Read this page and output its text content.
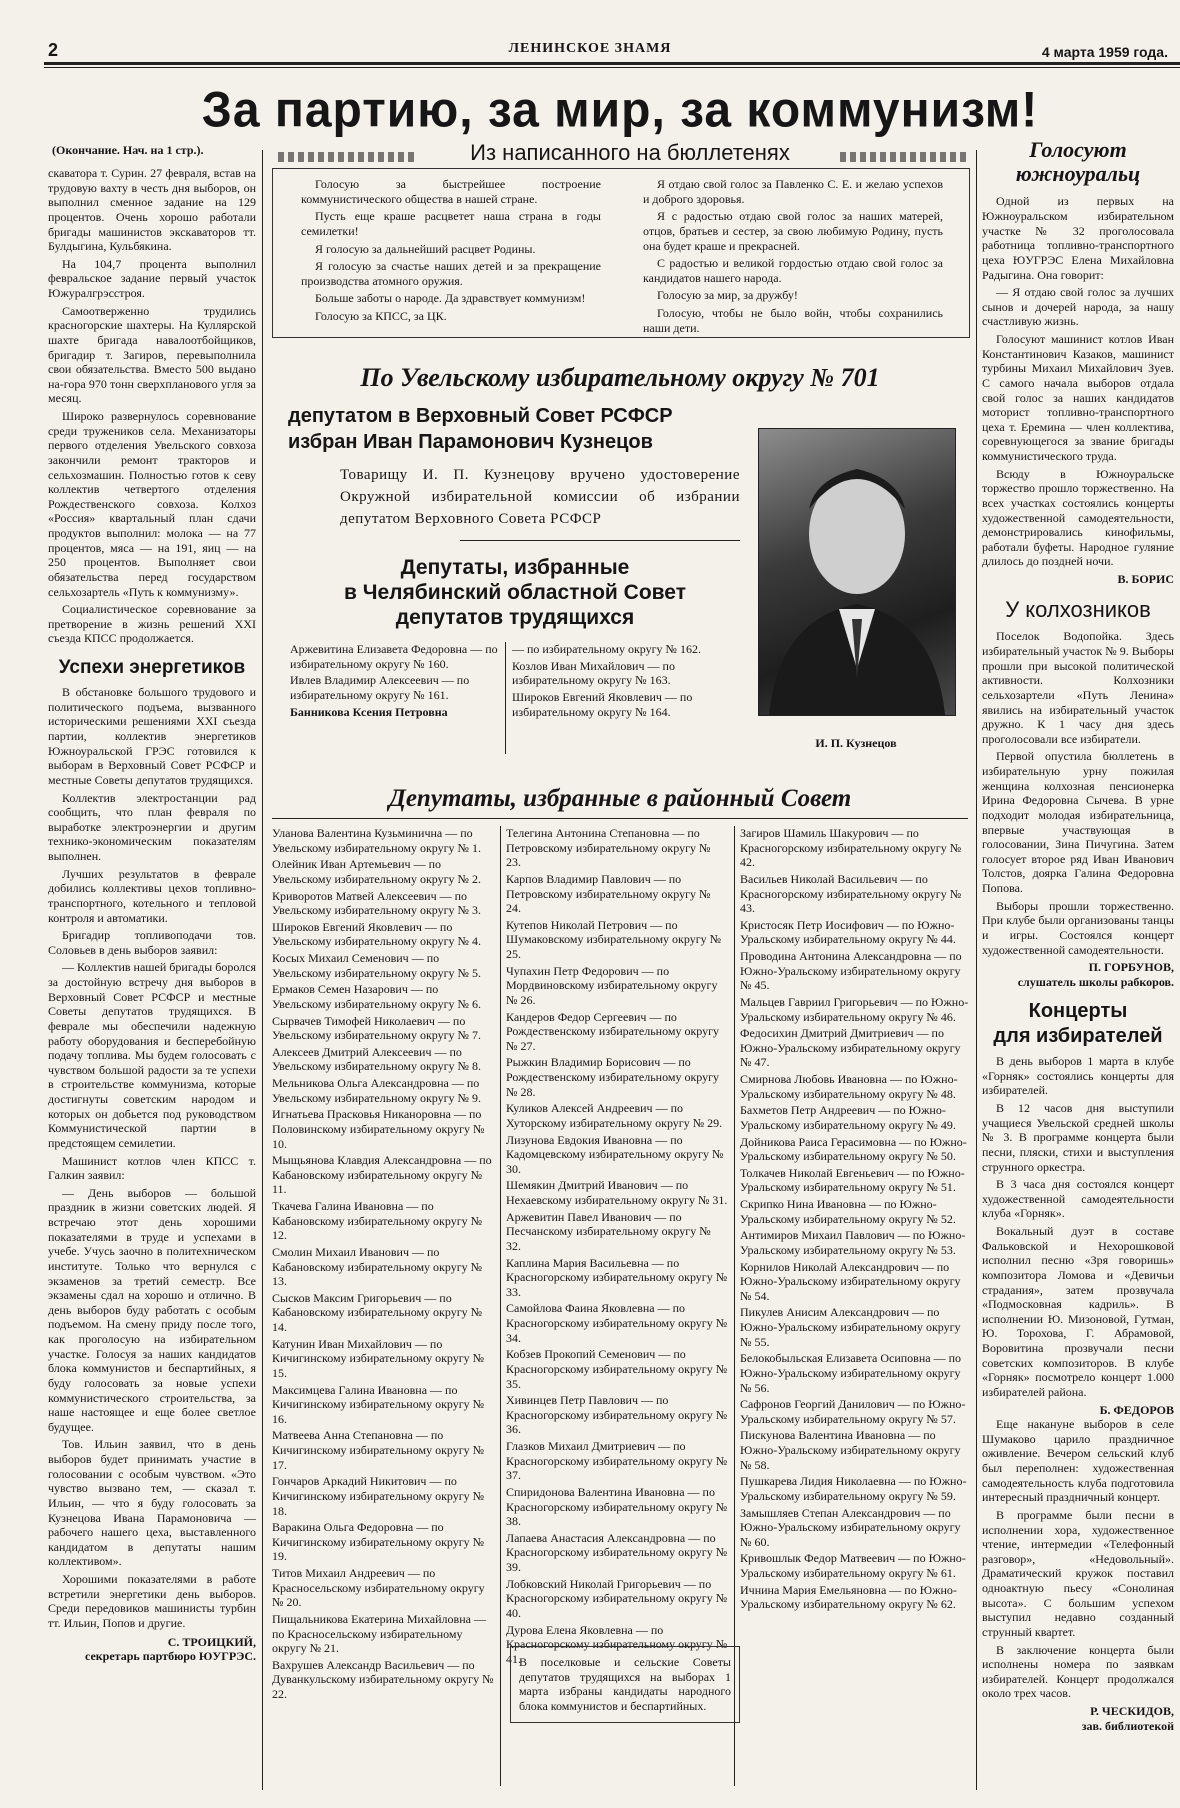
2	ЛЕНИНСКОЕ ЗНАМЯ	4 марта 1959 года.
За партию, за мир, за коммунизм!
(Окончание. Нач. на 1 стр.).

скаватора т. Сурин. 27 февраля, встав на трудовую вахту в честь дня выборов, он выполнил сменное задание на 129 процентов. Очень хорошо работали бригады машинистов экскаваторов тт. Булдыгина, Кульбякина.

На 104,7 процента выполнил февральское задание первый участок Южуралгрэсстроя.

Самоотверженно трудились красногорские шахтеры. На Куллярской шахте бригада навалоотбойщиков, бригадир т. Загиров, перевыполнила свои обязательства. Вместо 500 выдано на-гора 970 тонн сверхпланового угля за месяц.

Широко развернулось соревнование среди тружеников села. Механизаторы первого отделения Увельского совхоза закончили ремонт тракторов и сельхозмашин. Полностью готов к севу коллектив четвертого отделения Рождественского совхоза. Колхоз «Россия» квартальный план сдачи продуктов выполнил: молока — на 77 процентов, мяса — на 191, яиц — на 250 процентов. Выполняет свои обязательства перед государством сельхозартель «Путь к коммунизму».

Социалистическое соревнование за претворение в жизнь решений XXI съезда КПСС продолжается.

Успехи энергетиков

В обстановке большого трудового и политического подъема, вызванного историческими решениями XXI съезда партии, коллектив энергетиков Южноуральской ГРЭС готовился к выборам в Верховный Совет РСФСР и местные Советы депутатов трудящихся.

Коллектив электростанции рад сообщить, что план февраля по выработке электроэнергии и другим технико-экономическим показателям выполнен.

Лучших результатов в феврале добились коллективы цехов топливно-транспортного, котельного и тепловой контроля и автоматики.

Бригадир топливоподачи тов. Соловьев в день выборов заявил:

— Коллектив нашей бригады боролся за достойную встречу дня выборов в Верховный Совет РСФСР и местные Советы депутатов трудящихся. В феврале мы обеспечили надежную работу оборудования и бесперебойную подачу топлива. Мы будем голосовать с чувством большой радости за те успехи в строительстве коммунизма, которые достигнуты советским народом и которых он добьется под руководством Коммунистической партии в предстоящем семилетии.

Машинист котлов член КПСС т. Галкин заявил:

— День выборов — большой праздник в жизни советских людей. Я встречаю этот день хорошими показателями в труде и успехами в учебе. Учусь заочно в политехническом институте. Только что вернулся с экзаменов за третий семестр. Все экзамены сдал на хорошо и отлично. В день выборов буду работать с особым подъемом. На смену приду после того, как проголосую на избирательном участке. Голосуя за наших кандидатов блока коммунистов и беспартийных, я буду голосовать за новые успехи коммунистического строительства, за наше настоящее и еще более светлое будущее.

Тов. Ильин заявил, что в день выборов будет принимать участие в голосовании с особым чувством. «Это чувство вызвано тем, — сказал т. Ильин, — что я буду голосовать за Кузнецова Ивана Парамоновича — рабочего нашего цеха, выставленного кандидатом в депутаты нашим коллективом».

Хорошими показателями в работе встретили энергетики день выборов. Среди передовиков машинисты турбин тт. Ильин, Попов и другие.

С. ТРОИЦКИЙ,
секретарь партбюро ЮУГРЭС.
Из написанного на бюллетенях

Голосую за быстрейшее построение коммунистического общества в нашей стране.

Пусть еще краше расцветет наша страна в годы семилетки!

Я голосую за дальнейший расцвет Родины.

Я голосую за счастье наших детей и за прекращение производства атомного оружия.

Больше заботы о народе. Да здравствует коммунизм!

Голосую за КПСС, за ЦК.

Я отдаю свой голос за Павленко С. Е. и желаю успехов и доброго здоровья.

Я с радостью отдаю свой голос за наших матерей, отцов, братьев и сестер, за свою любимую Родину, пусть она будет краше и прекрасней.

С радостью и великой гордостью отдаю свой голос за кандидатов нашего народа.

Голосую за мир, за дружбу!

Голосую, чтобы не было войн, чтобы сохранились наши дети.

По Увельскому избирательному округу № 701
депутатом в Верховный Совет РСФСР
избран Иван Парамонович Кузнецов
Товарищу И. П. Кузнецову вручено удостоверение Окружной избирательной комиссии об избрании депутатом Верховного Совета РСФСР
И. П. Кузнецов
Депутаты, избранные
в Челябинский областной Совет
депутатов трудящихся

Аржевитина Елизавета Федоровна — по избирательному округу № 160.

Ивлев Владимир Алексеевич — по избирательному округу № 161.

Банникова Ксения Петровна

— по избирательному округу № 162.

Козлов Иван Михайлович — по избирательному округу № 163.

Широков Евгений Яковлевич — по избирательному округу № 164.

Депутаты, избранные в районный Совет

Уланова Валентина Кузьминична — по Увельскому избирательному округу № 1.

Олейник Иван Артемьевич — по Увельскому избирательному округу № 2.

Криворотов Матвей Алексеевич — по Увельскому избирательному округу № 3.

Широков Евгений Яковлевич — по Увельскому избирательному округу № 4.

Косых Михаил Семенович — по Увельскому избирательному округу № 5.

Ермаков Семен Назарович — по Увельскому избирательному округу № 6.

Сырвачев Тимофей Николаевич — по Увельскому избирательному округу № 7.

Алексеев Дмитрий Алексеевич — по Увельскому избирательному округу № 8.

Мельникова Ольга Александровна — по Увельскому избирательному округу № 9.

Игнатьева Прасковья Никаноровна — по Половинскому избирательному округу № 10.

Мыщьянова Клавдия Александровна — по Кабановскому избирательному округу № 11.

Ткачева Галина Ивановна — по Кабановскому избирательному округу № 12.

Смолин Михаил Иванович — по Кабановскому избирательному округу № 13.

Сысков Максим Григорьевич — по Кабановскому избирательному округу № 14.

Катунин Иван Михайлович — по Кичигинскому избирательному округу № 15.

Максимцева Галина Ивановна — по Кичигинскому избирательному округу № 16.

Матвеева Анна Степановна — по Кичигинскому избирательному округу № 17.

Гончаров Аркадий Никитович — по Кичигинскому избирательному округу № 18.

Варакина Ольга Федоровна — по Кичигинскому избирательному округу № 19.

Титов Михаил Андреевич — по Красносельскому избирательному округу № 20.

Пищальникова Екатерина Михайловна — по Красносельскому избирательному округу № 21.

Вахрушев Александр Васильевич — по Дуванкульскому избирательному округу № 22.

Телегина Антонина Степановна — по Петровскому избирательному округу № 23.

Карпов Владимир Павлович — по Петровскому избирательному округу № 24.

Кутепов Николай Петрович — по Шумаковскому избирательному округу № 25.

Чупахин Петр Федорович — по Мордвиновскому избирательному округу № 26.

Кандеров Федор Сергеевич — по Рождественскому избирательному округу № 27.

Рыжкин Владимир Борисович — по Рождественскому избирательному округу № 28.

Куликов Алексей Андреевич — по Хуторскому избирательному округу № 29.

Лизунова Евдокия Ивановна — по Кадомцевскому избирательному округу № 30.

Шемякин Дмитрий Иванович — по Нехаевскому избирательному округу № 31.

Аржевитин Павел Иванович — по Песчанскому избирательному округу № 32.

Каплина Мария Васильевна — по Красногорскому избирательному округу № 33.

Самойлова Фаина Яковлевна — по Красногорскому избирательному округу № 34.

Кобзев Прокопий Семенович — по Красногорскому избирательному округу № 35.

Хивинцев Петр Павлович — по Красногорскому избирательному округу № 36.

Глазков Михаил Дмитриевич — по Красногорскому избирательному округу № 37.

Спиридонова Валентина Ивановна — по Красногорскому избирательному округу № 38.

Лапаева Анастасия Александровна — по Красногорскому избирательному округу № 39.

Лобковский Николай Григорьевич — по Красногорскому избирательному округу № 40.

Дурова Елена Яковлевна — по Красногорскому избирательному округу № 41.

В поселковые и сельские Советы депутатов трудящихся на выборах 1 марта избраны кандидаты народного блока коммунистов и беспартийных.

Загиров Шамиль Шакурович — по Красногорскому избирательному округу № 42.

Васильев Николай Васильевич — по Красногорскому избирательному округу № 43.

Кристосяк Петр Иосифович — по Южно-Уральскому избирательному округу № 44.

Проводина Антонина Александровна — по Южно-Уральскому избирательному округу № 45.

Мальцев Гавриил Григорьевич — по Южно-Уральскому избирательному округу № 46.

Федосихин Дмитрий Дмитриевич — по Южно-Уральскому избирательному округу № 47.

Смирнова Любовь Ивановна — по Южно-Уральскому избирательному округу № 48.

Бахметов Петр Андреевич — по Южно-Уральскому избирательному округу № 49.

Дойникова Раиса Герасимовна — по Южно-Уральскому избирательному округу № 50.

Толкачев Николай Евгеньевич — по Южно-Уральскому избирательному округу № 51.

Скрипко Нина Ивановна — по Южно-Уральскому избирательному округу № 52.

Антимиров Михаил Павлович — по Южно-Уральскому избирательному округу № 53.

Корнилов Николай Александрович — по Южно-Уральскому избирательному округу № 54.

Пикулев Анисим Александрович — по Южно-Уральскому избирательному округу № 55.

Белокобыльская Елизавета Осиповна — по Южно-Уральскому избирательному округу № 56.

Сафронов Георгий Данилович — по Южно-Уральскому избирательному округу № 57.

Пискунова Валентина Ивановна — по Южно-Уральскому избирательному округу № 58.

Пушкарева Лидия Николаевна — по Южно-Уральскому избирательному округу № 59.

Замышляев Степан Александрович — по Южно-Уральскому избирательному округу № 60.

Кривошлык Федор Матвеевич — по Южно-Уральскому избирательному округу № 61.

Ичнина Мария Емельяновна — по Южно-Уральскому избирательному округу № 62.

Голосуют
южноуральц

Одной из первых на Южноуральском избирательном участке № 32 проголосовала работница топливно-транспортного цеха ЮУГРЭС Елена Михайловна Радыгина. Она говорит:

— Я отдаю свой голос за лучших сынов и дочерей народа, за нашу счастливую жизнь.

Голосуют машинист котлов Иван Константинович Казаков, машинист турбины Михаил Михайлович Зуев. С самого начала выборов отдала свой голос за наших кандидатов моторист топливно-транспортного цеха т. Еремина — член коллектива, соревнующегося за звание бригады коммунистического труда.

Всюду в Южноуральске торжество прошло торжественно. На всех участках состоялись концерты художественной самодеятельности, демонстрировались кинофильмы, работали буфеты. Народное гуляние длилось до поздней ночи.

В. БОРИС
У колхозников

Поселок Водопойка. Здесь избирательный участок № 9. Выборы прошли при высокой политической активности. Колхозники сельхозартели «Путь Ленина» явились на избирательный участок дружно. К 1 часу дня здесь проголосовали все избиратели.

Первой опустила бюллетень в избирательную урну пожилая женщина колхозная пенсионерка Ирина Федоровна Сычева. В урне подходит молодая избирательница, впервые участвующая в голосовании, Зина Пичугина. Затем голосует второе ряд Иван Иванович Толстов, доярка Галина Федоровна Попова.

Выборы прошли торжественно. При клубе были организованы танцы и игры. Состоялся концерт художественной самодеятельности.

П. ГОРБУНОВ,
слушатель школы рабкоров.
Концерты
для избирателей

В день выборов 1 марта в клубе «Горняк» состоялись концерты для избирателей.

В 12 часов дня выступили учащиеся Увельской средней школы № 3. В программе концерта были песни, пляски, стихи и выступления струнного оркестра.

В 3 часа дня состоялся концерт художественной самодеятельности клуба «Горняк».

Вокальный дуэт в составе Фальковской и Нехорошковой исполнил песню «Зря говоришь» композитора Ломова и «Девичьи страдания», затем прозвучала «Подмосковная кадриль». В исполнении Ю. Мизоновой, Гутман, Ю. Торохова, Г. Абрамовой, Воровитина прозвучали песни советских композиторов. В клубе «Горняк» посмотрело концерт 1.000 избирателей района.

Б. ФЕДОРОВ

Еще накануне выборов в селе Шумаково царило праздничное оживление. Вечером сельский клуб был переполнен: художественная самодеятельность клуба подготовила интересный праздничный концерт.

В программе были песни в исполнении хора, художественное чтение, интермедии «Телефонный разговор», «Недовольный». Драматический кружок поставил одноактную пьесу «Сонолиная высота». С большим успехом выступил недавно созданный струнный квартет.

В заключение концерта были исполнены номера по заявкам избирателей. Концерт продолжался около трех часов.

Р. ЧЕСКИДОВ,
зав. библиотекой
